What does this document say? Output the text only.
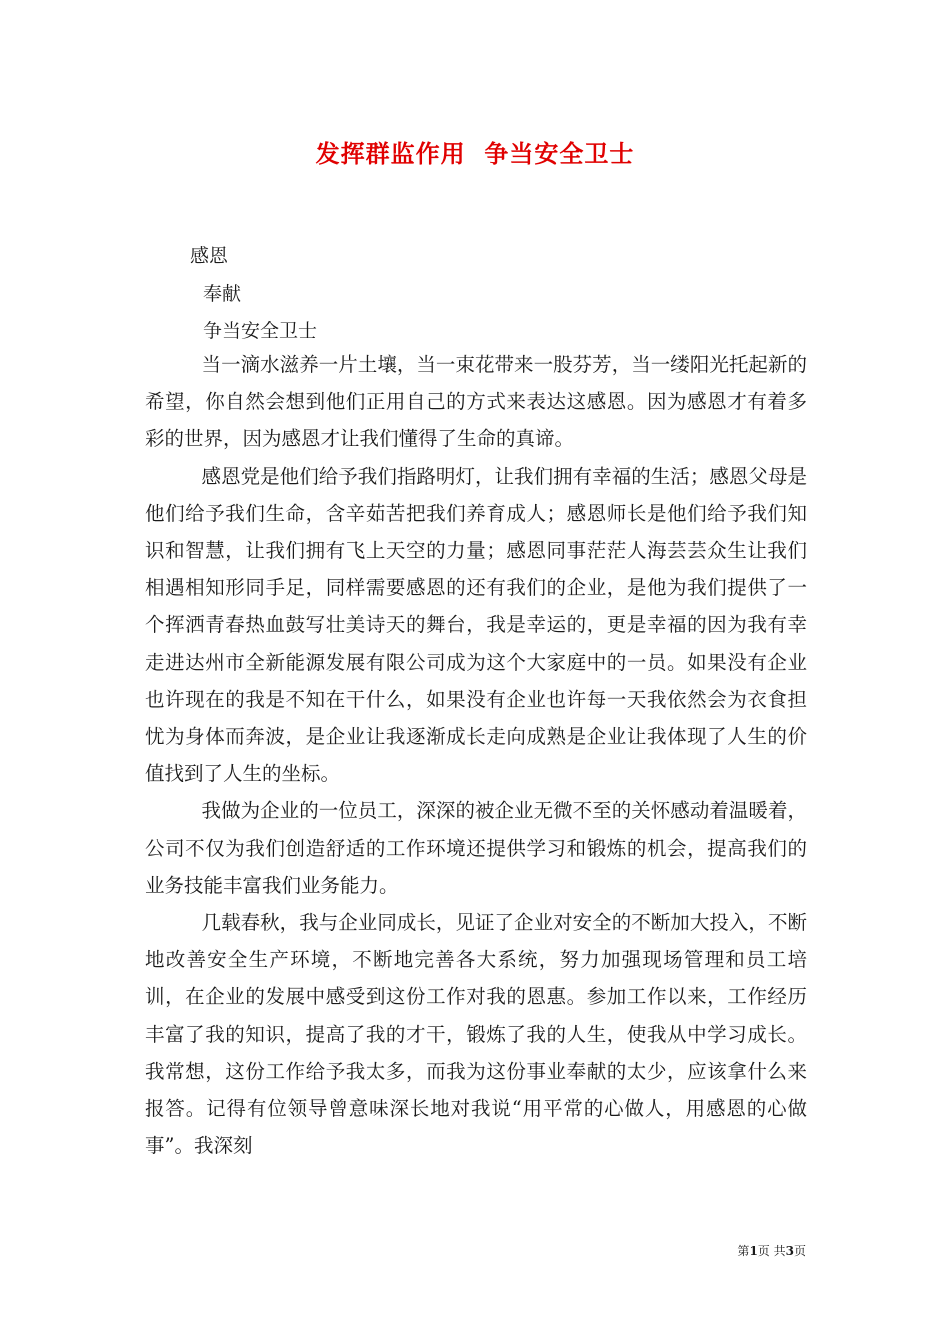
发挥群监作用  争当安全卫士
感恩
奉献
争当安全卫士

当一滴水滋养一片土壤，当一束花带来一股芬芳，当一缕阳光托起新的希望，你自然会想到他们正用自己的方式来表达这感恩。因为感恩才有着多彩的世界，因为感恩才让我们懂得了生命的真谛。

感恩党是他们给予我们指路明灯，让我们拥有幸福的生活；感恩父母是他们给予我们生命，含辛茹苦把我们养育成人；感恩师长是他们给予我们知识和智慧，让我们拥有飞上天空的力量；感恩同事茫茫人海芸芸众生让我们相遇相知形同手足，同样需要感恩的还有我们的企业，是他为我们提供了一个挥洒青春热血鼓写壮美诗天的舞台，我是幸运的，更是幸福的因为我有幸走进达州市全新能源发展有限公司成为这个大家庭中的一员。如果没有企业也许现在的我是不知在干什么，如果没有企业也许每一天我依然会为衣食担忧为身体而奔波，是企业让我逐渐成长走向成熟是企业让我体现了人生的价值找到了人生的坐标。

我做为企业的一位员工，深深的被企业无微不至的关怀感动着温暖着，公司不仅为我们创造舒适的工作环境还提供学习和锻炼的机会，提高我们的业务技能丰富我们业务能力。

几载春秋，我与企业同成长，见证了企业对安全的不断加大投入，不断地改善安全生产环境，不断地完善各大系统，努力加强现场管理和员工培训，在企业的发展中感受到这份工作对我的恩惠。参加工作以来，工作经历丰富了我的知识，提高了我的才干，锻炼了我的人生，使我从中学习成长。我常想，这份工作给予我太多，而我为这份事业奉献的太少，应该拿什么来报答。记得有位领导曾意味深长地对我说“用平常的心做人，用感恩的心做事”。我深刻

第1页 共3页
